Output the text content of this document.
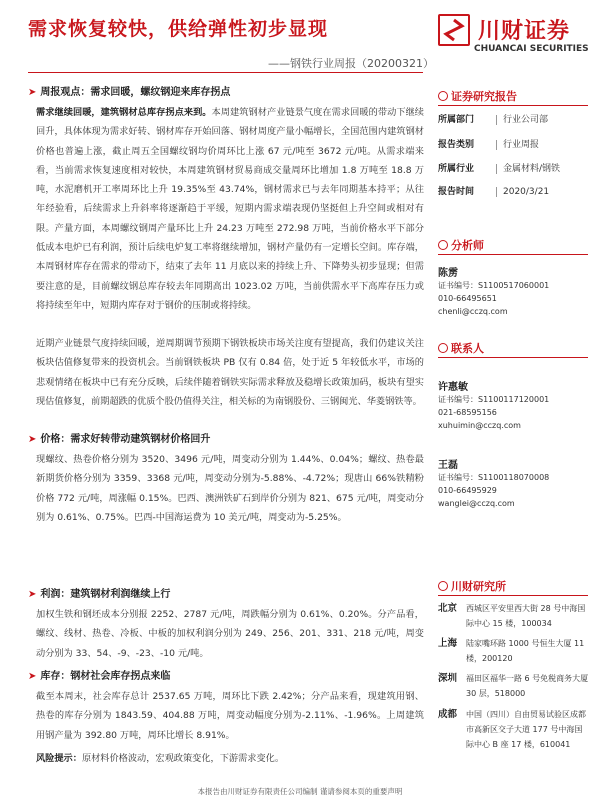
需求恢复较快，供给弹性初步显现
——钢铁行业周报（20200321）
川财证券
CHUANCAI SECURITIES
➤ 周报观点：需求回暖，螺纹钢迎来库存拐点
需求继续回暖，建筑钢材总库存拐点来到。本周建筑钢材产业链景气度在需求回暖的带动下继续回升，具体体现为需求好转、钢材库存开始回落、钢材周度产量小幅增长，全国范围内建筑钢材价格也普遍上涨，截止周五全国螺纹钢均价周环比上涨 67 元/吨至 3672 元/吨。从需求端来看，当前需求恢复速度相对较快，本周建筑钢材贸易商成交量周环比增加 1.8 万吨至 18.8 万吨，水泥磨机开工率周环比上升 19.35%至 43.74%，钢材需求已与去年同期基本持平；从往年经验看，后续需求上升斜率将逐渐趋于平缓，短期内需求端表现仍坚挺但上升空间或相对有限。产量方面，本周螺纹钢周产量环比上升 24.23 万吨至 272.98 万吨，当前价格水平下部分低成本电炉已有利润，预计后续电炉复工率将继续增加，钢材产量仍有一定增长空间。库存端，本周钢材库存在需求的带动下，结束了去年 11 月底以来的持续上升、下降势头初步显现；但需要注意的是，目前螺纹钢总库存较去年同期高出 1023.02 万吨，当前供需水平下高库存压力或将持续至年中，短期内库存对于钢价的压制或将持续。
近期产业链景气度持续回暖，逆周期调节预期下钢铁板块市场关注度有望提高，我们仍建议关注板块估值修复带来的投资机会。当前钢铁板块 PB 仅有 0.84 倍，处于近 5 年较低水平，市场的悲观情绪在板块中已有充分反映，后续伴随着钢铁实际需求释放及稳增长政策加码，板块有望实现估值修复，前期超跌的优质个股仍值得关注，相关标的为南钢股份、三钢闽光、华菱钢铁等。
➤ 价格：需求好转带动建筑钢材价格回升
现螺纹、热卷价格分别为 3520、3496 元/吨，周变动分别为 1.44%、0.04%；螺纹、热卷最新期货价格分别为 3359、3368 元/吨，周变动分别为-5.88%、-4.72%；现唐山 66%铁精粉价格 772 元/吨，周涨幅 0.15%。巴西、澳洲铁矿石到岸价分别为 821、675 元/吨，周变动分别为 0.61%、0.75%。巴西-中国海运费为 10 美元/吨，周变动为-5.25%。
➤ 利润：建筑钢材利润继续上行
加权生铁和钢坯成本分别报 2252、2787 元/吨，周跌幅分别为 0.61%、0.20%。分产品看，螺纹、线材、热卷、冷板、中板的加权利润分别为 249、256、201、331、218 元/吨，周变动分别为 33、54、-9、-23、-10 元/吨。
➤ 库存：钢材社会库存拐点来临
截至本周末，社会库存总计 2537.65 万吨，周环比下跌 2.42%；分产品来看，现建筑用钢、热卷的库存分别为 1843.59、404.88 万吨，周变动幅度分别为-2.11%、-1.96%。上周建筑用钢产量为 392.80 万吨，周环比增长 8.91%。
风险提示：原材料价格波动，宏观政策变化，下游需求变化。
证券研究报告
所属部门	行业公司部
报告类别	行业周报
所属行业	金属材料/钢铁
报告时间	2020/3/21
分析师
陈雳
证书编号：S1100517060001
010-66495651
chenli@cczq.com
联系人
许惠敏
证书编号：S1100117120001
021-68595156
xuhuimin@cczq.com
王磊
证书编号：S1100118070008
010-66495929
wanglei@cczq.com
川财研究所
北京 西城区平安里西大街 28 号中海国际中心 15 楼，100034
上海 陆家嘴环路 1000 号恒生大厦 11 楼，200120
深圳 福田区福华一路 6 号免税商务大厦 30 层，518000
成都 中国（四川）自由贸易试验区成都市高新区交子大道 177 号中海国际中心 B 座 17 楼，610041
本报告由川财证券有限责任公司编制 谨请参阅本页的重要声明
